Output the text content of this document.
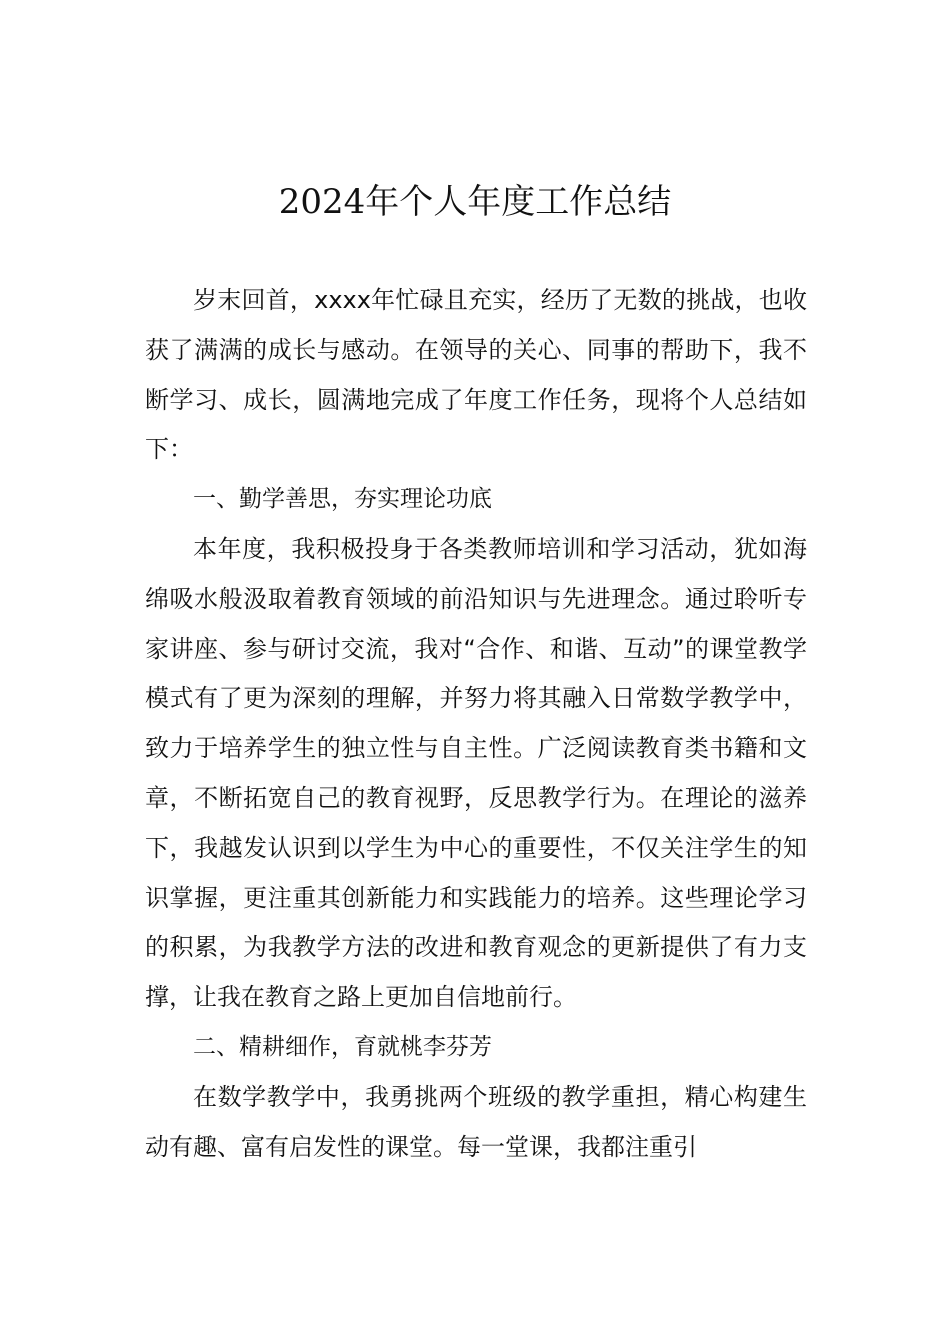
2024年个人年度工作总结

岁末回首，xxxx年忙碌且充实，经历了无数的挑战，也收获了满满的成长与感动。在领导的关心、同事的帮助下，我不断学习、成长，圆满地完成了年度工作任务，现将个人总结如下：

一、勤学善思，夯实理论功底

本年度，我积极投身于各类教师培训和学习活动，犹如海绵吸水般汲取着教育领域的前沿知识与先进理念。通过聆听专家讲座、参与研讨交流，我对“合作、和谐、互动”的课堂教学模式有了更为深刻的理解，并努力将其融入日常数学教学中，致力于培养学生的独立性与自主性。广泛阅读教育类书籍和文章，不断拓宽自己的教育视野，反思教学行为。在理论的滋养下，我越发认识到以学生为中心的重要性，不仅关注学生的知识掌握，更注重其创新能力和实践能力的培养。这些理论学习的积累，为我教学方法的改进和教育观念的更新提供了有力支撑，让我在教育之路上更加自信地前行。

二、精耕细作，育就桃李芬芳

在数学教学中，我勇挑两个班级的教学重担，精心构建生动有趣、富有启发性的课堂。每一堂课，我都注重引
